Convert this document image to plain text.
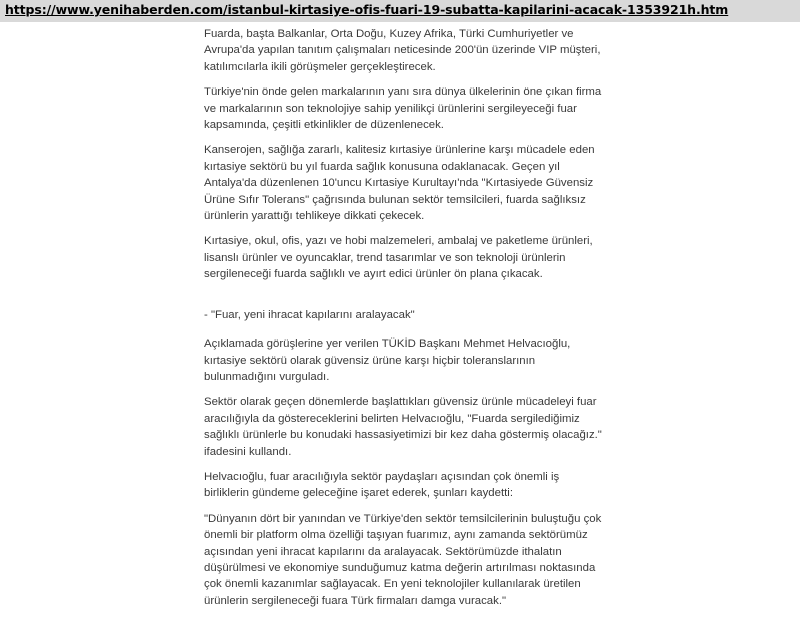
https://www.yenihaberden.com/istanbul-kirtasiye-ofis-fuari-19-subatta-kapilarini-acacak-1353921h.htm

Fuarda, başta Balkanlar, Orta Doğu, Kuzey Afrika, Türki Cumhuriyetler ve Avrupa'da yapılan tanıtım çalışmaları neticesinde 200'ün üzerinde VIP müşteri, katılımcılarla ikili görüşmeler gerçekleştirecek.

Türkiye'nin önde gelen markalarının yanı sıra dünya ülkelerinin öne çıkan firma ve markalarının son teknolojiye sahip yenilikçi ürünlerini sergileyeceği fuar kapsamında, çeşitli etkinlikler de düzenlenecek.

Kanserojen, sağlığa zararlı, kalitesiz kırtasiye ürünlerine karşı mücadele eden kırtasiye sektörü bu yıl fuarda sağlık konusuna odaklanacak. Geçen yıl Antalya'da düzenlenen 10'uncu Kırtasiye Kurultayı'nda "Kırtasiyede Güvensiz Ürüne Sıfır Tolerans" çağrısında bulunan sektör temsilcileri, fuarda sağlıksız ürünlerin yarattığı tehlikeye dikkati çekecek.

Kırtasiye, okul, ofis, yazı ve hobi malzemeleri, ambalaj ve paketleme ürünleri, lisanslı ürünler ve oyuncaklar, trend tasarımlar ve son teknoloji ürünlerin sergileneceği fuarda sağlıklı ve ayırt edici ürünler ön plana çıkacak.

- "Fuar, yeni ihracat kapılarını aralayacak"

Açıklamada görüşlerine yer verilen TÜKİD Başkanı Mehmet Helvacıoğlu, kırtasiye sektörü olarak güvensiz ürüne karşı hiçbir toleranslarının bulunmadığını vurguladı.

Sektör olarak geçen dönemlerde başlattıkları güvensiz ürünle mücadeleyi fuar aracılığıyla da göstereceklerini belirten Helvacıoğlu, "Fuarda sergilediğimiz sağlıklı ürünlerle bu konudaki hassasiyetimizi bir kez daha göstermiş olacağız." ifadesini kullandı.

Helvacıoğlu, fuar aracılığıyla sektör paydaşları açısından çok önemli iş birliklerin gündeme geleceğine işaret ederek, şunları kaydetti:

"Dünyanın dört bir yanından ve Türkiye'den sektör temsilcilerinin buluştuğu çok önemli bir platform olma özelliği taşıyan fuarımız, aynı zamanda sektörümüz açısından yeni ihracat kapılarını da aralayacak. Sektörümüzde ithalatın düşürülmesi ve ekonomiye sunduğumuz katma değerin artırılması noktasında çok önemli kazanımlar sağlayacak. En yeni teknolojiler kullanılarak üretilen ürünlerin sergileneceği fuara Türk firmaları damga vuracak."
